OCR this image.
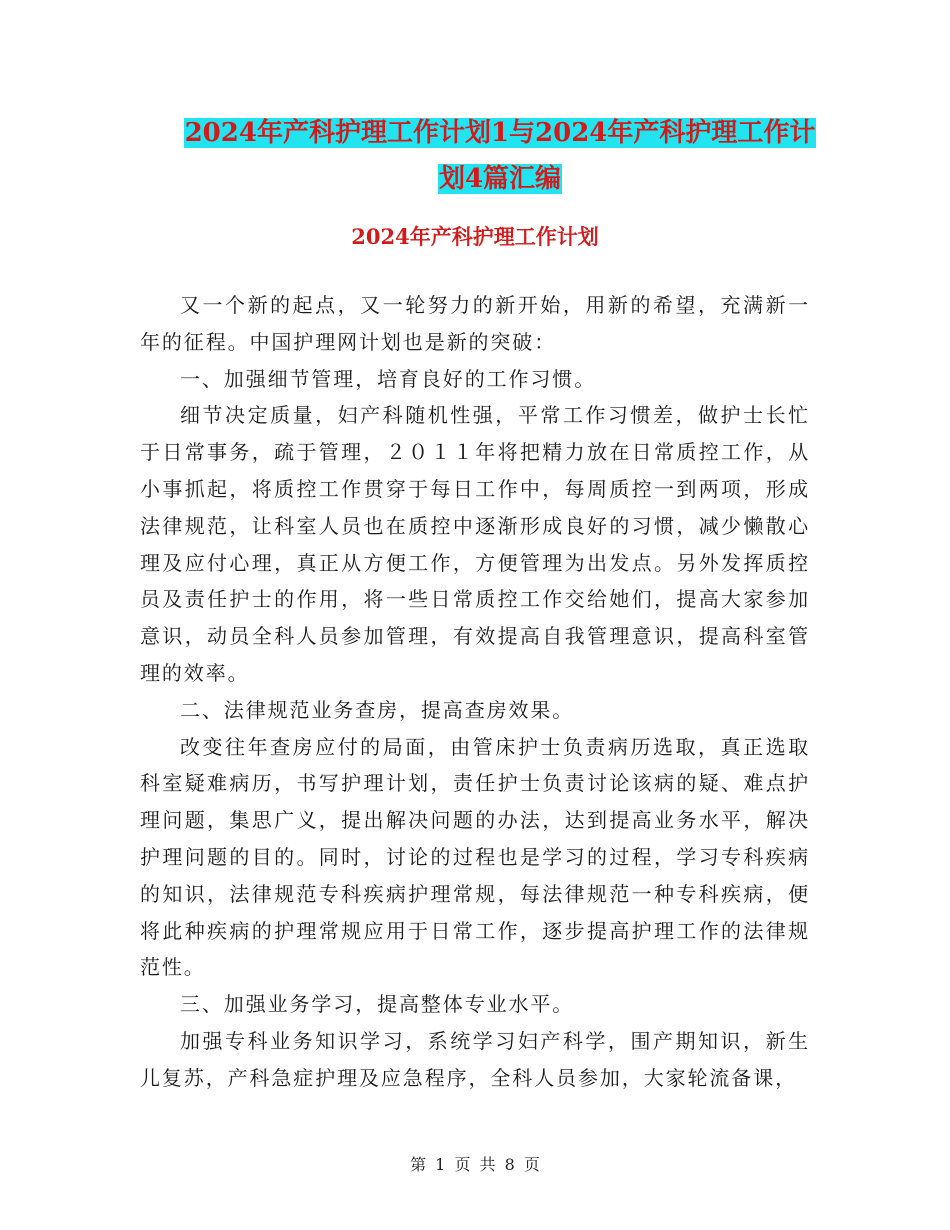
2024年产科护理工作计划1与2024年产科护理工作计
划4篇汇编
2024年产科护理工作计划

又一个新的起点，又一轮努力的新开始，用新的希望，充满新一年的征程。中国护理网计划也是新的突破：

一、加强细节管理，培育良好的工作习惯。

细节决定质量，妇产科随机性强，平常工作习惯差，做护士长忙于日常事务，疏于管理，２０１１年将把精力放在日常质控工作，从小事抓起，将质控工作贯穿于每日工作中，每周质控一到两项，形成法律规范，让科室人员也在质控中逐渐形成良好的习惯，减少懒散心理及应付心理，真正从方便工作，方便管理为出发点。另外发挥质控员及责任护士的作用，将一些日常质控工作交给她们，提高大家参加意识，动员全科人员参加管理，有效提高自我管理意识，提高科室管理的效率。

二、法律规范业务查房，提高查房效果。

改变往年查房应付的局面，由管床护士负责病历选取，真正选取科室疑难病历，书写护理计划，责任护士负责讨论该病的疑、难点护理问题，集思广义，提出解决问题的办法，达到提高业务水平，解决护理问题的目的。同时，讨论的过程也是学习的过程，学习专科疾病的知识，法律规范专科疾病护理常规，每法律规范一种专科疾病，便将此种疾病的护理常规应用于日常工作，逐步提高护理工作的法律规范性。

三、加强业务学习，提高整体专业水平。

加强专科业务知识学习，系统学习妇产科学，围产期知识，新生儿复苏，产科急症护理及应急程序，全科人员参加，大家轮流备课，

第 1 页 共 8 页
